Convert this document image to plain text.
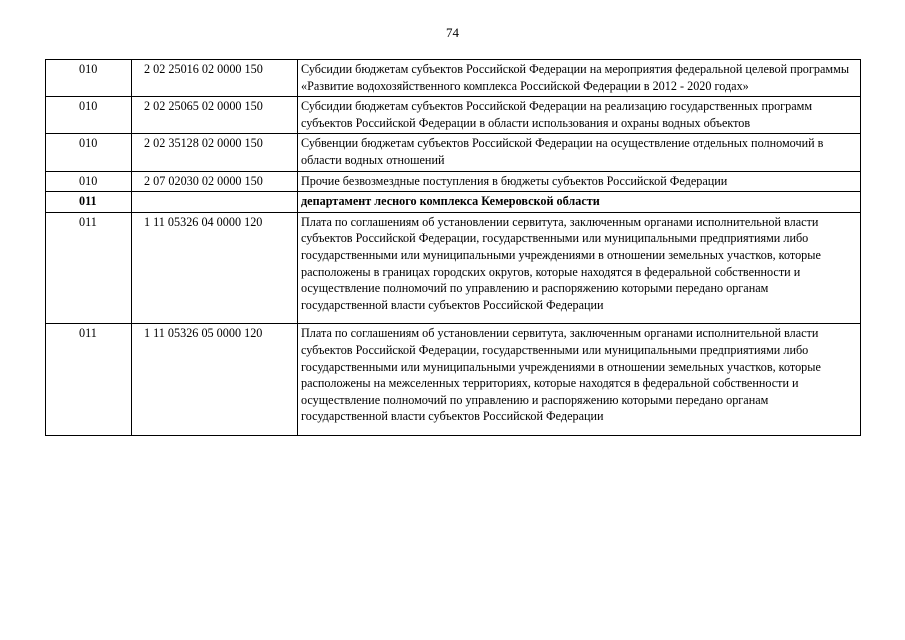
74
010	2 02 25016 02 0000 150	Субсидии бюджетам субъектов Российской Федерации на мероприятия федеральной целевой программы «Развитие водохозяйственного комплекса Российской Федерации в 2012 - 2020 годах»
010	2 02 25065 02 0000 150	Субсидии бюджетам субъектов Российской Федерации на реализацию государственных программ субъектов Российской Федерации в области использования и охраны водных объектов
010	2 02 35128 02 0000 150	Субвенции бюджетам субъектов Российской Федерации на осуществление отдельных полномочий в области водных отношений
010	2 07 02030 02 0000 150	Прочие безвозмездные поступления в бюджеты субъектов Российской Федерации
011		департамент лесного комплекса Кемеровской области
011	1 11 05326 04 0000 120	Плата по соглашениям об установлении сервитута, заключенным органами исполнительной власти субъектов Российской Федерации, государственными или муниципальными предприятиями либо государственными или муниципальными учреждениями в отношении земельных участков, которые расположены в границах городских округов, которые находятся в федеральной собственности и осуществление полномочий по управлению и распоряжению которыми передано органам государственной власти субъектов Российской Федерации
011	1 11 05326 05 0000 120	Плата по соглашениям об установлении сервитута, заключенным органами исполнительной власти субъектов Российской Федерации, государственными или муниципальными предприятиями либо государственными или муниципальными учреждениями в отношении земельных участков, которые расположены на межселенных территориях, которые находятся в федеральной собственности и осуществление полномочий по управлению и распоряжению которыми передано органам государственной власти субъектов Российской Федерации
